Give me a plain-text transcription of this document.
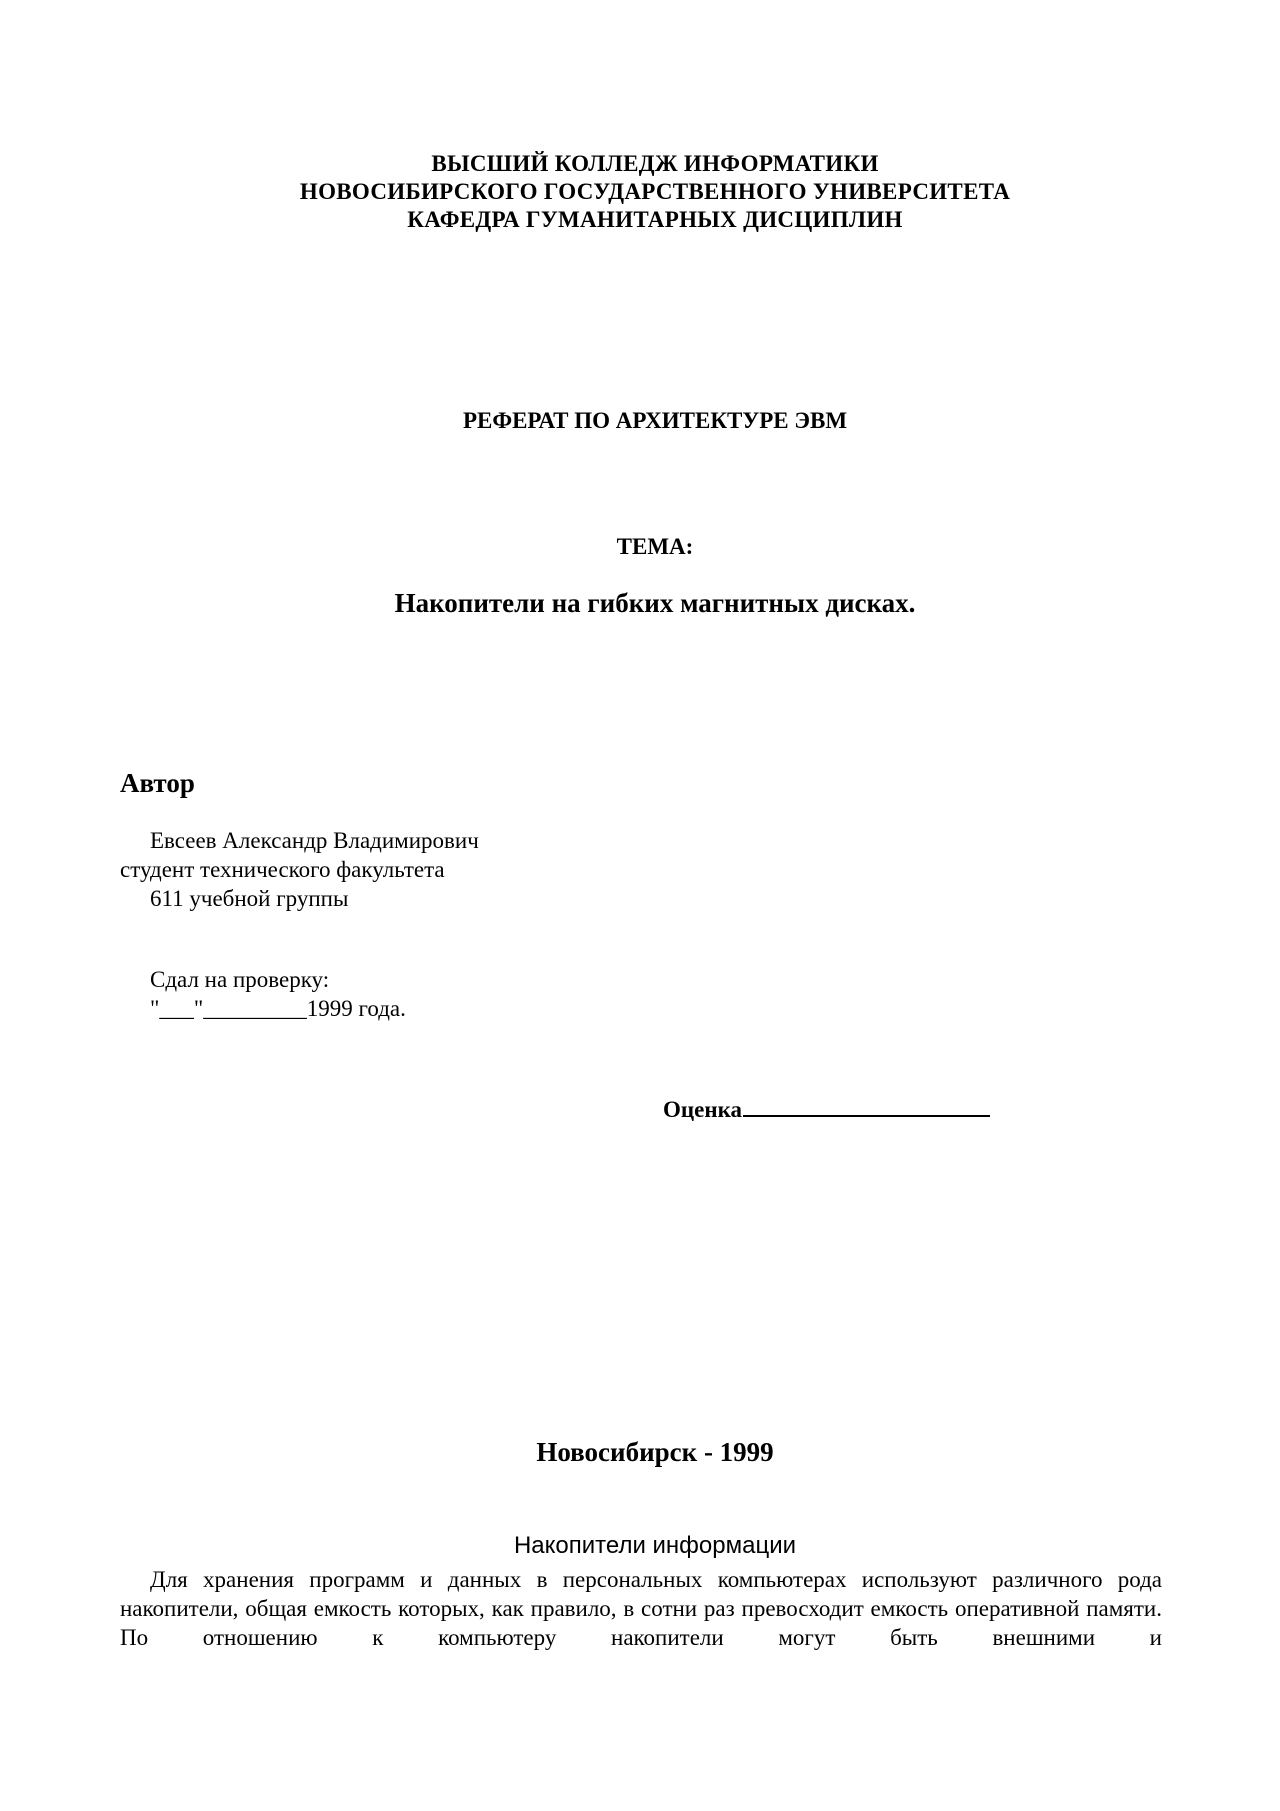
ВЫСШИЙ КОЛЛЕДЖ ИНФОРМАТИКИ
НОВОСИБИРСКОГО ГОСУДАРСТВЕННОГО УНИВЕРСИТЕТА
КАФЕДРА ГУМАНИТАРНЫХ ДИСЦИПЛИН
РЕФЕРАТ ПО АРХИТЕКТУРЕ ЭВМ
ТЕМА:
Накопители на гибких магнитных дисках.
Автор
Евсеев Александр Владимирович
студент технического факультета
611 учебной группы
Сдал на проверку:
"___"_________1999 года.
Оценка
Новосибирск - 1999
Накопители информации
Для хранения программ и данных в персональных компьютерах используют различного рода накопители, общая емкость которых, как правило, в сотни раз превосходит емкость оперативной памяти. По отношению к компьютеру накопители могут быть внешними и
